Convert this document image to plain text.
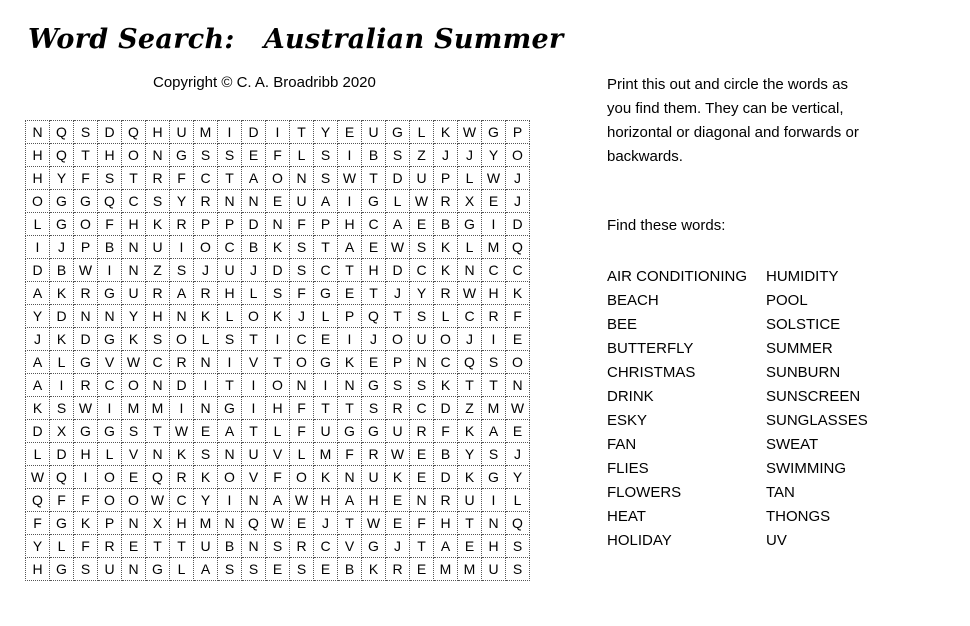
Word Search:   Australian Summer
Copyright © C. A. Broadribb 2020
N	Q	S	D	Q	H	U	M	I	D	I	T	Y	E	U	G	L	K	W	G	P
H	Q	T	H	O	N	G	S	S	E	F	L	S	I	B	S	Z	J	J	Y	O
H	Y	F	S	T	R	F	C	T	A	O	N	S	W	T	D	U	P	L	W	J
O	G	G	Q	C	S	Y	R	N	N	E	U	A	I	G	L	W	R	X	E	J
L	G	O	F	H	K	R	P	P	D	N	F	P	H	C	A	E	B	G	I	D
I	J	P	B	N	U	I	O	C	B	K	S	T	A	E	W	S	K	L	M	Q
D	B	W	I	N	Z	S	J	U	J	D	S	C	T	H	D	C	K	N	C	C
A	K	R	G	U	R	A	R	H	L	S	F	G	E	T	J	Y	R	W	H	K
Y	D	N	N	Y	H	N	K	L	O	K	J	L	P	Q	T	S	L	C	R	F
J	K	D	G	K	S	O	L	S	T	I	C	E	I	J	O	U	O	J	I	E
A	L	G	V	W	C	R	N	I	V	T	O	G	K	E	P	N	C	Q	S	O
A	I	R	C	O	N	D	I	T	I	O	N	I	N	G	S	S	K	T	T	N
K	S	W	I	M	M	I	N	G	I	H	F	T	T	S	R	C	D	Z	M	W
D	X	G	G	S	T	W	E	A	T	L	F	U	G	G	U	R	F	K	A	E
L	D	H	L	V	N	K	S	N	U	V	L	M	F	R	W	E	B	Y	S	J
W	Q	I	O	E	Q	R	K	O	V	F	O	K	N	U	K	E	D	K	G	Y
Q	F	F	O	O	W	C	Y	I	N	A	W	H	A	H	E	N	R	U	I	L
F	G	K	P	N	X	H	M	N	Q	W	E	J	T	W	E	F	H	T	N	Q
Y	L	F	R	E	T	T	U	B	N	S	R	C	V	G	J	T	A	E	H	S
H	G	S	U	N	G	L	A	S	S	E	S	E	B	K	R	E	M	M	U	S
Print this out and circle the words as you find them. They can be vertical, horizontal or diagonal and forwards or backwards.
Find these words:
AIR CONDITIONING
BEACH
BEE
BUTTERFLY
CHRISTMAS
DRINK
ESKY
FAN
FLIES
FLOWERS
HEAT
HOLIDAY
HUMIDITY
POOL
SOLSTICE
SUMMER
SUNBURN
SUNSCREEN
SUNGLASSES
SWEAT
SWIMMING
TAN
THONGS
UV
